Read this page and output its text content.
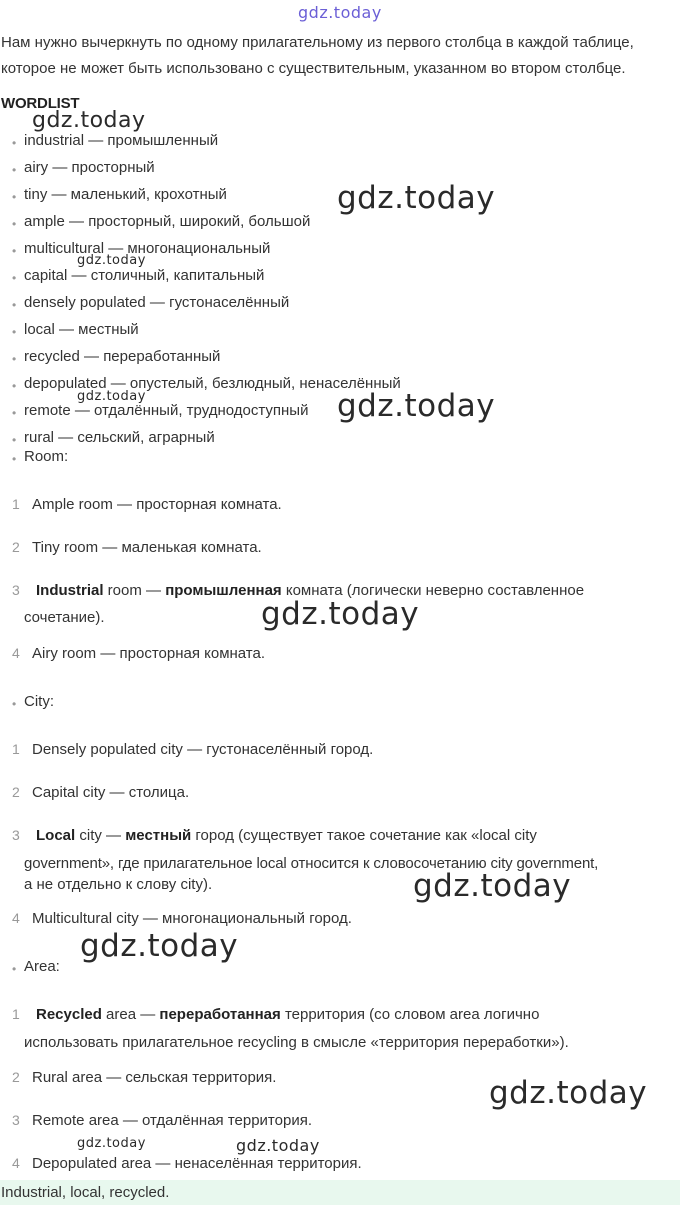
gdz.today
gdz.today
gdz.today
gdz.today
gdz.today	gdz.today
gdz.today
gdz.today
gdz.today
gdz.today
gdz.today	gdz.today
Нам нужно вычеркнуть по одному прилагательному из первого столбца в каждой таблице, которое не может быть использовано с существительным, указанном во втором столбце.
WORDLIST
• industrial — промышленный
• airy — просторный
• tiny — маленький, крохотный
• ample — просторный, широкий, большой
• multicultural — многонациональный
• capital — столичный, капитальный
• densely populated — густонаселённый
• local — местный
• recycled — переработанный
• depopulated — опустелый, безлюдный, ненаселённый
• remote — отдалённый, труднодоступный
• rural — сельский, аграрный
• Room:
1 Ample room — просторная комната.
2 Tiny room — маленькая комната.
3 Industrial room — промышленная комната (логически неверно составленное
сочетание).
4 Airy room — просторная комната.
• City:
1 Densely populated city — густонаселённый город.
2 Capital city — столица.
3 Local city — местный город (существует такое сочетание как «local city
government», где прилагательное local относится к словосочетанию city government,
а не отдельно к слову city).
4 Multicultural city — многонациональный город.
• Area:
1 Recycled area — переработанная территория (со словом area логично
использовать прилагательное recycling в смысле «территория переработки»).
2 Rural area — сельская территория.
3 Remote area — отдалённая территория.
4 Depopulated area — ненаселённая территория.
Industrial, local, recycled.
